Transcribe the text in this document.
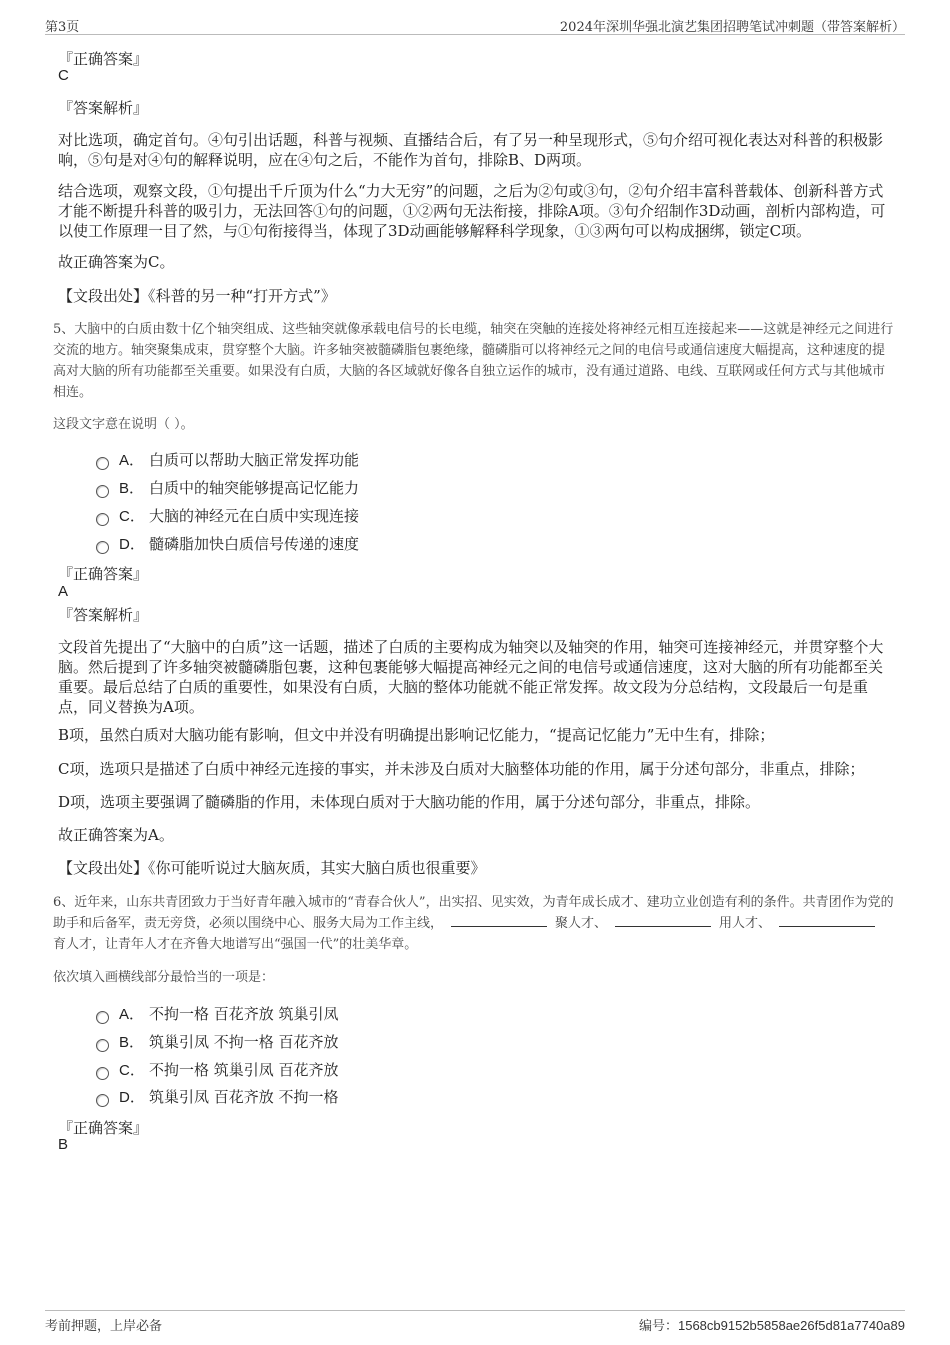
第3页	2024年深圳华强北演艺集团招聘笔试冲刺题（带答案解析）
『正确答案』
C
『答案解析』
对比选项，确定首句。④句引出话题，科普与视频、直播结合后，有了另一种呈现形式，⑤句介绍可视化表达对科普的积极影响，⑤句是对④句的解释说明，应在④句之后，不能作为首句，排除B、D两项。
结合选项，观察文段，①句提出千斤顶为什么“力大无穷”的问题，之后为②句或③句，②句介绍丰富科普载体、创新科普方式才能不断提升科普的吸引力，无法回答①句的问题，①②两句无法衔接，排除A项。③句介绍制作3D动画，剖析内部构造，可以使工作原理一目了然，与①句衔接得当，体现了3D动画能够解释科学现象，①③两句可以构成捆绑，锁定C项。
故正确答案为C。
【文段出处】《科普的另一种“打开方式”》
5、大脑中的白质由数十亿个轴突组成、这些轴突就像承载电信号的长电缆，轴突在突触的连接处将神经元相互连接起来——这就是神经元之间进行交流的地方。轴突聚集成束，贯穿整个大脑。许多轴突被髓磷脂包裹绝缘，髓磷脂可以将神经元之间的电信号或通信速度大幅提高，这种速度的提高对大脑的所有功能都至关重要。如果没有白质，大脑的各区域就好像各自独立运作的城市，没有通过道路、电线、互联网或任何方式与其他城市相连。
这段文字意在说明（ ）。
A． 白质可以帮助大脑正常发挥功能
B． 白质中的轴突能够提高记忆能力
C． 大脑的神经元在白质中实现连接
D． 髓磷脂加快白质信号传递的速度
『正确答案』
A
『答案解析』
文段首先提出了“大脑中的白质”这一话题，描述了白质的主要构成为轴突以及轴突的作用，轴突可连接神经元，并贯穿整个大脑。然后提到了许多轴突被髓磷脂包裹，这种包裹能够大幅提高神经元之间的电信号或通信速度，这对大脑的所有功能都至关重要。最后总结了白质的重要性，如果没有白质，大脑的整体功能就不能正常发挥。故文段为分总结构，文段最后一句是重点，同义替换为A项。
B项，虽然白质对大脑功能有影响，但文中并没有明确提出影响记忆能力，“提高记忆能力”无中生有，排除；
C项，选项只是描述了白质中神经元连接的事实，并未涉及白质对大脑整体功能的作用，属于分述句部分，非重点，排除；
D项，选项主要强调了髓磷脂的作用，未体现白质对于大脑功能的作用，属于分述句部分，非重点，排除。
故正确答案为A。
【文段出处】《你可能听说过大脑灰质，其实大脑白质也很重要》
6、近年来，山东共青团致力于当好青年融入城市的“青春合伙人”，出实招、见实效，为青年成长成才、建功立业创造有利的条件。共青团作为党的助手和后备军，责无旁贷，必须以围绕中心、服务大局为工作主线，	聚人才、	用人才、育人才，让青年人才在齐鲁大地谱写出“强国一代”的壮美华章。
依次填入画横线部分最恰当的一项是：
A． 不拘一格 百花齐放 筑巢引凤
B． 筑巢引凤 不拘一格 百花齐放
C． 不拘一格 筑巢引凤 百花齐放
D． 筑巢引凤 百花齐放 不拘一格
『正确答案』
B
考前押题，上岸必备	编号：1568cb9152b5858ae26f5d81a7740a89
